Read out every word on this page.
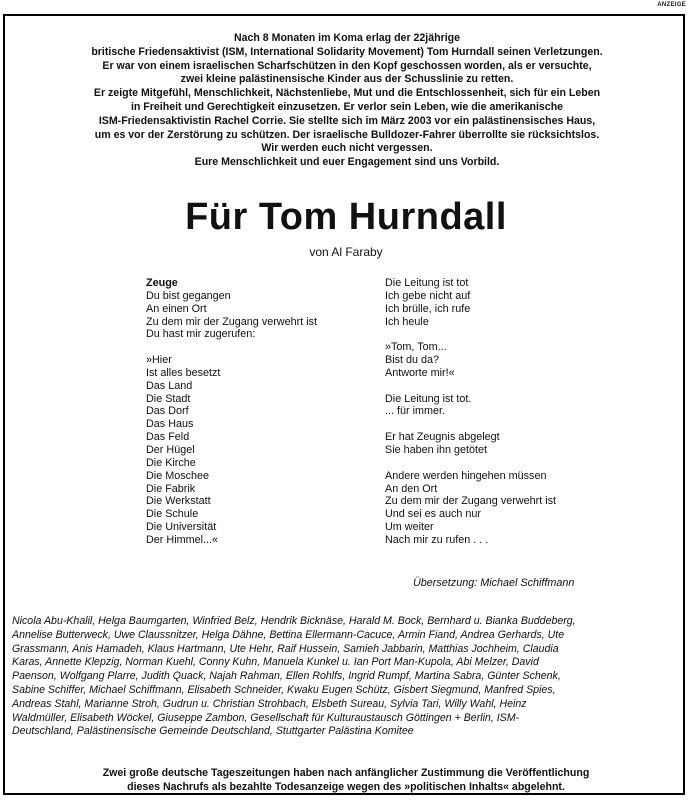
ANZEIGE
Nach 8 Monaten im Koma erlag der 22jährige
britische Friedensaktivist (ISM, International Solidarity Movement) Tom Hurndall seinen Verletzungen.
Er war von einem israelischen Scharfschützen in den Kopf geschossen worden, als er versuchte,
zwei kleine palästinensische Kinder aus der Schusslinie zu retten.
Er zeigte Mitgefühl, Menschlichkeit, Nächstenliebe, Mut und die Entschlossenheit, sich für ein Leben
in Freiheit und Gerechtigkeit einzusetzen. Er verlor sein Leben, wie die amerikanische
ISM-Friedensaktivistin Rachel Corrie. Sie stellte sich im März 2003 vor ein palästinensisches Haus,
um es vor der Zerstörung zu schützen. Der israelische Bulldozer-Fahrer überrollte sie rücksichtslos.
Wir werden euch nicht vergessen.
Eure Menschlichkeit und euer Engagement sind uns Vorbild.
Für Tom Hurndall
von Al Faraby
Zeuge
Du bist gegangen
An einen Ort
Zu dem mir der Zugang verwehrt ist
Du hast mir zugerufen:
»Hier
Ist alles besetzt
Das Land
Die Stadt
Das Dorf
Das Haus
Das Feld
Der Hügel
Die Kirche
Die Moschee
Die Fabrik
Die Werkstatt
Die Schule
Die Universität
Der Himmel...«
Die Leitung ist tot
Ich gebe nicht auf
Ich brülle, ich rufe
Ich heule
»Tom, Tom...
Bist du da?
Antworte mir!«
Die Leitung ist tot.
... für immer.
Er hat Zeugnis abgelegt
Sie haben ihn getötet
Andere werden hingehen müssen
An den Ort
Zu dem mir der Zugang verwehrt ist
Und sei es auch nur
Um weiter
Nach mir zu rufen . . .
Übersetzung: Michael Schiffmann
Nicola Abu-Khalil, Helga Baumgarten, Winfried Belz, Hendrik Bicknäse, Harald M. Bock, Bernhard u. Bianka Buddeberg,
Annelise Butterweck, Uwe Claussnitzer, Helga Dähne, Bettina Ellermann-Cacuce, Armin Fiand, Andrea Gerhards, Ute
Grassmann, Anis Hamadeh, Klaus Hartmann, Ute Hehr, Raif Hussein, Samieh Jabbarin, Matthias Jochheim, Claudia
Karas, Annette Klepzig, Norman Kuehl, Conny Kuhn, Manuela Kunkel u. Ian Port Man-Kupola, Abi Melzer, David
Paenson, Wolfgang Plarre, Judith Quack, Najah Rahman, Ellen Rohlfs, Ingrid Rumpf, Martina Sabra, Günter Schenk,
Sabine Schiffer, Michael Schiffmann, Elisabeth Schneider, Kwaku Eugen Schütz, Gisbert Siegmund, Manfred Spies,
Andreas Stahl, Marianne Stroh, Gudrun u. Christian Strohbach, Elsbeth Sureau, Sylvia Tari, Willy Wahl, Heinz
Waldmüller, Elisabeth Wöckel, Giuseppe Zambon, Gesellschaft für Kulturaustausch Göttingen + Berlin, ISM-
Deutschland, Palästinensische Gemeinde Deutschland, Stuttgarter Palästina Komitee
Zwei große deutsche Tageszeitungen haben nach anfänglicher Zustimmung die Veröffentlichung
dieses Nachrufs als bezahlte Todesanzeige wegen des »politischen Inhalts« abgelehnt.
